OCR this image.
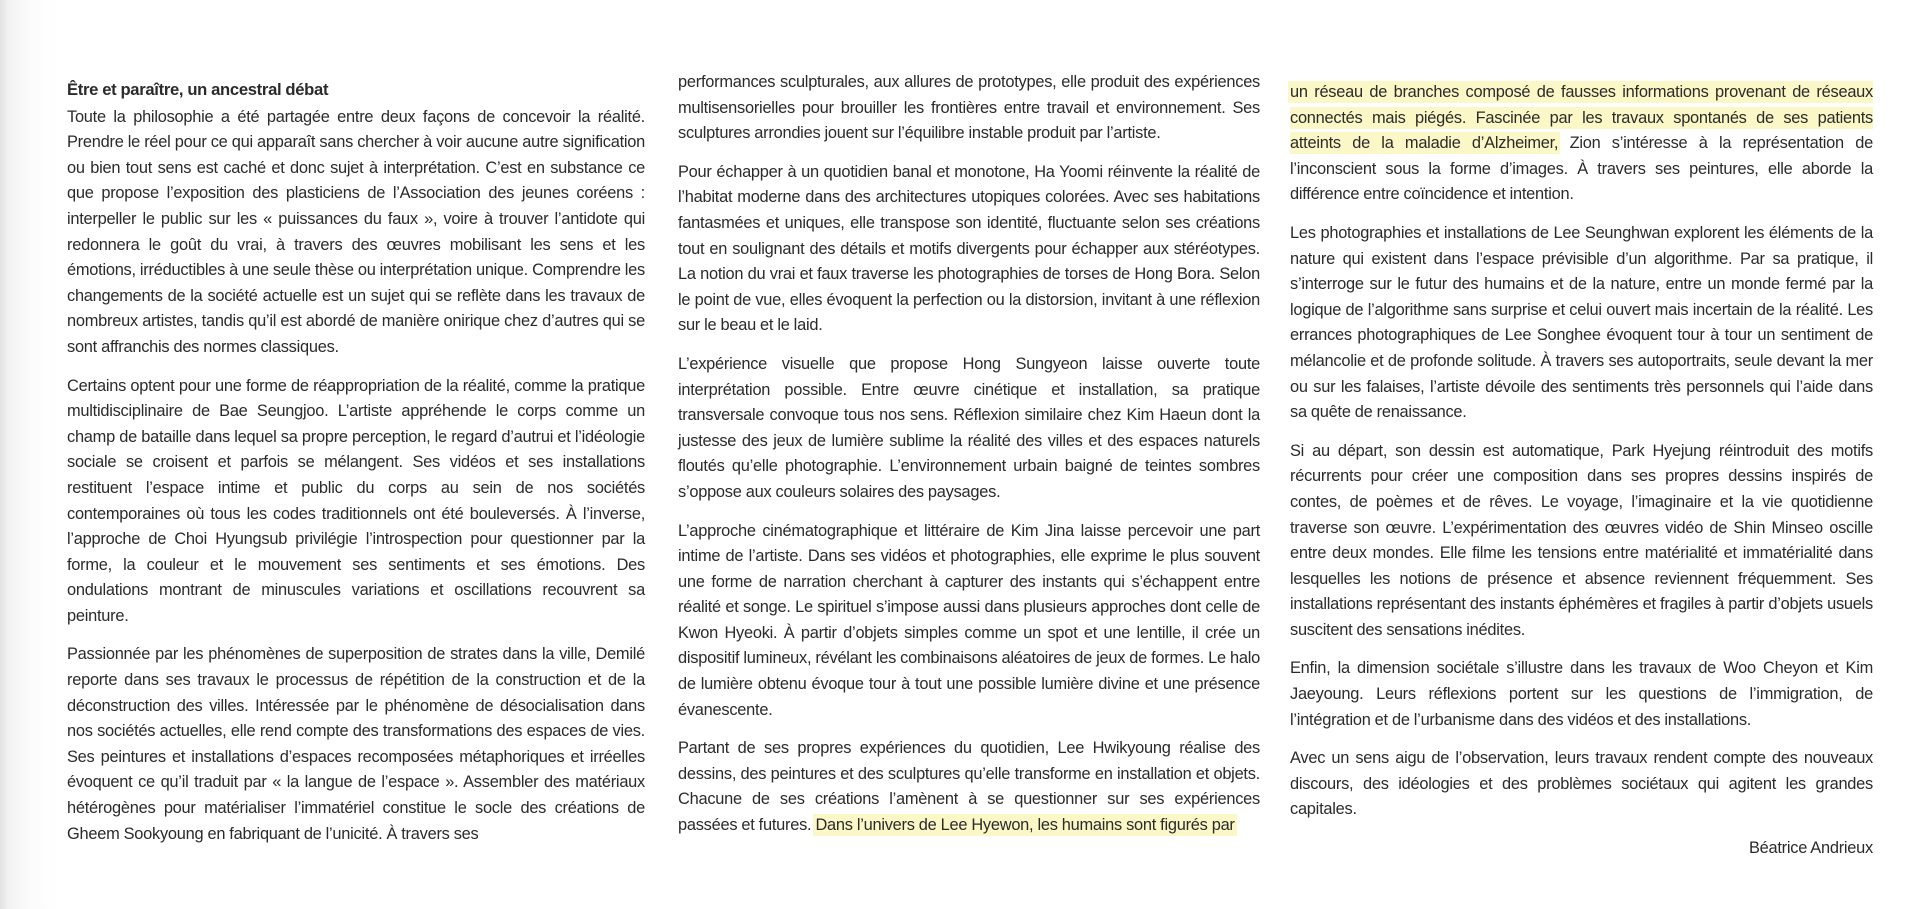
Être et paraître, un ancestral débat

Toute la philosophie a été partagée entre deux façons de concevoir la réalité. Prendre le réel pour ce qui apparaît sans chercher à voir aucune autre signification ou bien tout sens est caché et donc sujet à interprétation. C’est en substance ce que propose l’exposition des plasticiens de l’Association des jeunes coréens : interpeller le public sur les « puissances du faux », voire à trouver l’antidote qui redonnera le goût du vrai, à travers des œuvres mobilisant les sens et les émotions, irréductibles à une seule thèse ou interprétation unique. Comprendre les changements de la société actuelle est un sujet qui se reflète dans les travaux de nombreux artistes, tandis qu’il est abordé de manière onirique chez d’autres qui se sont affranchis des normes classiques.

Certains optent pour une forme de réappropriation de la réalité, comme la pratique multidisciplinaire de Bae Seungjoo. L’artiste appréhende le corps comme un champ de bataille dans lequel sa propre perception, le regard d’autrui et l’idéologie sociale se croisent et parfois se mélangent. Ses vidéos et ses installations restituent l’espace intime et public du corps au sein de nos sociétés contemporaines où tous les codes traditionnels ont été bouleversés. À l’inverse, l’approche de Choi Hyungsub privilégie l’introspection pour questionner par la forme, la couleur et le mouvement ses sentiments et ses émotions. Des ondulations montrant de minuscules variations et oscillations recouvrent sa peinture.

Passionnée par les phénomènes de superposition de strates dans la ville, Demilé reporte dans ses travaux le processus de répétition de la construction et de la déconstruction des villes. Intéressée par le phénomène de désocialisation dans nos sociétés actuelles, elle rend compte des transformations des espaces de vies. Ses peintures et installations d’espaces recomposées métaphoriques et irréelles évoquent ce qu’il traduit par « la langue de l’espace ». Assembler des matériaux hétérogènes pour matérialiser l’immatériel constitue le socle des créations de Gheem Sookyoung en fabriquant de l’unicité. À travers ses

performances sculpturales, aux allures de prototypes, elle produit des expériences multisensorielles pour brouiller les frontières entre travail et environnement. Ses sculptures arrondies jouent sur l’équilibre instable produit par l’artiste.

Pour échapper à un quotidien banal et monotone, Ha Yoomi réinvente la réalité de l’habitat moderne dans des architectures utopiques colorées. Avec ses habitations fantasmées et uniques, elle transpose son identité, fluctuante selon ses créations tout en soulignant des détails et motifs divergents pour échapper aux stéréotypes. La notion du vrai et faux traverse les photographies de torses de Hong Bora. Selon le point de vue, elles évoquent la perfection ou la distorsion, invitant à une réflexion sur le beau et le laid.

L’expérience visuelle que propose Hong Sungyeon laisse ouverte toute interprétation possible. Entre œuvre cinétique et installation, sa pratique transversale convoque tous nos sens. Réflexion similaire chez Kim Haeun dont la justesse des jeux de lumière sublime la réalité des villes et des espaces naturels floutés qu’elle photographie. L’environnement urbain baigné de teintes sombres s’oppose aux couleurs solaires des paysages.

L’approche cinématographique et littéraire de Kim Jina laisse percevoir une part intime de l’artiste. Dans ses vidéos et photographies, elle exprime le plus souvent une forme de narration cherchant à capturer des instants qui s’échappent entre réalité et songe. Le spirituel s’impose aussi dans plusieurs approches dont celle de Kwon Hyeoki. À partir d’objets simples comme un spot et une lentille, il crée un dispositif lumineux, révélant les combinaisons aléatoires de jeux de formes. Le halo de lumière obtenu évoque tour à tout une possible lumière divine et une présence évanescente.

Partant de ses propres expériences du quotidien, Lee Hwikyoung réalise des dessins, des peintures et des sculptures qu’elle transforme en installation et objets. Chacune de ses créations l’amènent à se questionner sur ses expériences passées et futures. Dans l’univers de Lee Hyewon, les humains sont figurés par

un réseau de branches composé de fausses informations provenant de réseaux connectés mais piégés. Fascinée par les travaux spontanés de ses patients atteints de la maladie d’Alzheimer, Zion s’intéresse à la représentation de l’inconscient sous la forme d’images. À travers ses peintures, elle aborde la différence entre coïncidence et intention.

Les photographies et installations de Lee Seunghwan explorent les éléments de la nature qui existent dans l’espace prévisible d’un algorithme. Par sa pratique, il s’interroge sur le futur des humains et de la nature, entre un monde fermé par la logique de l’algorithme sans surprise et celui ouvert mais incertain de la réalité. Les errances photographiques de Lee Songhee évoquent tour à tour un sentiment de mélancolie et de profonde solitude. À travers ses autoportraits, seule devant la mer ou sur les falaises, l’artiste dévoile des sentiments très personnels qui l’aide dans sa quête de renaissance.

Si au départ, son dessin est automatique, Park Hyejung réintroduit des motifs récurrents pour créer une composition dans ses propres dessins inspirés de contes, de poèmes et de rêves. Le voyage, l’imaginaire et la vie quotidienne traverse son œuvre. L’expérimentation des œuvres vidéo de Shin Minseo oscille entre deux mondes. Elle filme les tensions entre matérialité et immatérialité dans lesquelles les notions de présence et absence reviennent fréquemment. Ses installations représentant des instants éphémères et fragiles à partir d’objets usuels suscitent des sensations inédites.

Enfin, la dimension sociétale s’illustre dans les travaux de Woo Cheyon et Kim Jaeyoung. Leurs réflexions portent sur les questions de l’immigration, de l’intégration et de l’urbanisme dans des vidéos et des installations.

Avec un sens aigu de l’observation, leurs travaux rendent compte des nouveaux discours, des idéologies et des problèmes sociétaux qui agitent les grandes capitales.

Béatrice Andrieux
